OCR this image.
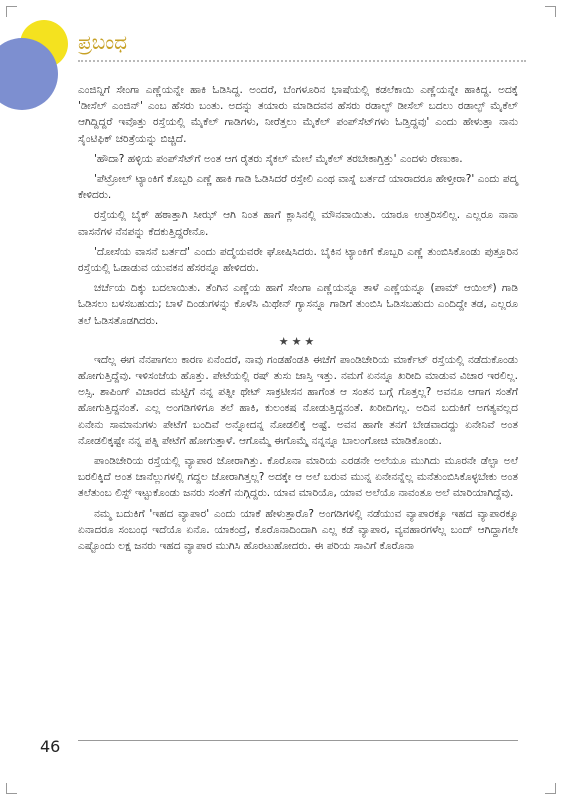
ಪ್ರಬಂಧ

ಎಂಜಿನ್ನಿಗೆ ಸೇಂಗಾ ಎಣ್ಣೆಯನ್ನೇ ಹಾಕಿ ಓಡಿಸಿದ್ದ. ಅಂದರೆ, ಬೆಂಗಳೂರಿನ ಭಾಷೆಯಲ್ಲಿ ಕಡಲೆಕಾಯಿ ಎಣ್ಣೆಯನ್ನೇ ಹಾಕಿದ್ದ. ಅದಕ್ಕೆ 'ಡೀಸೆಲ್ ಎಂಜಿನ್' ಎಂಬ ಹೆಸರು ಬಂತು. ಅದನ್ನು ತಯಾರು ಮಾಡಿದವನ ಹೆಸರು ರಡಾಲ್ಫ್ ಡೀಸೆಲ್ ಬದಲು ರಡಾಲ್ಫ್ ಮೈಕೆಲ್ ಆಗಿದ್ದಿದ್ದರೆ ಇವೊತ್ತು ರಸ್ತೆಯಲ್ಲಿ ಮೈಕೆಲ್ ಗಾಡಿಗಳು, ನೀರೆತ್ತಲು ಮೈಕೆಲ್ ಪಂಪ್‌ಸೆಟ್‌ಗಳು ಓಡ್ತಿದ್ದವು' ಎಂದು ಹೇಳುತ್ತಾ ನಾನು ಸೈಂಟಿಫಿಕ್ ಚರಿತ್ರೆಯನ್ನು ಬಿಚ್ಚಿದೆ.

'ಹೌದಾ? ಹಳ್ಳಿಯ ಪಂಪ್‌ಸೆಟ್‌ಗೆ ಅಂತ ಆಗ ರೈತರು ಸೈಕಲ್ ಮೇಲೆ ಮೈಕೆಲ್ ತರಬೇಕಾಗ್ತಿತ್ತು' ಎಂದಳು ರೇಣುಕಾ.

'ಪೆಟ್ರೋಲ್ ಟ್ಯಾಂಕಿಗೆ ಕೊಬ್ಬರಿ ಎಣ್ಣೆ ಹಾಕಿ ಗಾಡಿ ಓಡಿಸಿದರೆ ರಸ್ತೇಲಿ ಎಂಥ ವಾಸ್ನೆ ಬರ್ತದೆ ಯಾರಾದರೂ ಹೇಳ್ತೀರಾ?' ಎಂದು ಪದ್ಮ ಕೇಳಿದರು.

ರಸ್ತೆಯಲ್ಲಿ ಬೈಕ್ ಹಠಾತ್ತಾಗಿ ಸೀಝ್ ಆಗಿ ನಿಂತ ಹಾಗೆ ಕ್ಲಾಸಿನಲ್ಲಿ ಮೌನವಾಯಿತು. ಯಾರೂ ಉತ್ತರಿಸಲಿಲ್ಲ. ಎಲ್ಲರೂ ನಾನಾ ವಾಸನೆಗಳ ನೆನಪನ್ನು ಕೆದಕುತ್ತಿದ್ದರೇನೊ.

'ದೋಸೆಯ ವಾಸನೆ ಬರ್ತದೆ' ಎಂದು ಪದ್ಮೆಯವರೇ ಘೋಷಿಸಿದರು. ಬೈಕಿನ ಟ್ಯಾಂಕಿಗೆ ಕೊಬ್ಬರಿ ಎಣ್ಣೆ ತುಂಬಿಸಿಕೊಂಡು ಪುತ್ತೂರಿನ ರಸ್ತೆಯಲ್ಲಿ ಓಡಾಡುವ ಯುವಕನ ಹೆಸರನ್ನೂ ಹೇಳಿದರು.

ಚರ್ಚೆಯ ದಿಕ್ಕು ಬದಲಾಯಿತು. ತೆಂಗಿನ ಎಣ್ಣೆಯ ಹಾಗೆ ಸೇಂಗಾ ಎಣ್ಣೆಯನ್ನೂ ತಾಳೆ ಎಣ್ಣೆಯನ್ನೂ (ಪಾಮ್ ಆಯಿಲ್) ಗಾಡಿ ಓಡಿಸಲು ಬಳಸಬಹುದು; ಬಾಳೆ ದಿಂಡುಗಳನ್ನು ಕೊಳೆಸಿ ಮಿಥೇನ್ ಗ್ಯಾಸನ್ನೂ ಗಾಡಿಗೆ ತುಂಬಿಸಿ ಓಡಿಸಬಹುದು ಎಂದಿದ್ದೇ ತಡ, ಎಲ್ಲರೂ ತಲೆ ಓಡಿಸತೊಡಗಿದರು.

★★★

ಇದೆಲ್ಲ ಈಗ ನೆನಪಾಗಲು ಕಾರಣ ಏನೆಂದರೆ, ನಾವು ಗಂಡಹೆಂಡತಿ ಈಚೆಗೆ ಪಾಂಡಿಚೇರಿಯ ಮಾರ್ಕೆಟ್ ರಸ್ತೆಯಲ್ಲಿ ನಡೆದುಕೊಂಡು ಹೋಗುತ್ತಿದ್ದೆವು. ಇಳಿಸಂಜೆಯ ಹೊತ್ತು. ಪೇಟೆಯಲ್ಲಿ ರಷ್ ತುಸು ಜಾಸ್ತಿ ಇತ್ತು. ನಮಗೆ ಏನನ್ನೂ ಖರೀದಿ ಮಾಡುವ ವಿಚಾರ ಇರಲಿಲ್ಲ. ಅಸ್ಸಿ. ಶಾಪಿಂಗ್ ವಿಚಾರದ ಮಟ್ಟಿಗೆ ನನ್ನ ಪತ್ನೀ ಥೇಟ್ ಸಾಕ್ರಟೀಸನ ಹಾಗೆಂತ ಆ ಸಂತನ ಬಗ್ಗೆ ಗೊತ್ತಲ್ಲ? ಅವನೂ ಆಗಾಗ ಸಂತೆಗೆ ಹೋಗುತ್ತಿದ್ದನಂತೆ. ಎಲ್ಲ ಅಂಗಡಿಗಳಿಗೂ ತಲೆ ಹಾಕಿ, ಕುಲಂಕಷ ನೋಡುತ್ತಿದ್ದನಂತೆ. ಖರೀದಿಗಲ್ಲ. ಅದಿನ ಬದುಕಿಗೆ ಅಗತ್ಯವಲ್ಲದ ಏನೇನು ಸಾಮಾನುಗಳು ಪೇಟೆಗೆ ಬಂದಿವೆ ಅನ್ನೋದನ್ನ ನೋಡಲಿಕ್ಕೆ ಅಷ್ಟೆ. ಅವನ ಹಾಗೇ ತನಗೆ ಬೇಡವಾದದ್ದು ಏನೇನಿವೆ ಅಂತ ನೋಡಲಿಕ್ಕಷ್ಟೇ ನನ್ನ ಪತ್ನಿ ಪೇಟೆಗೆ ಹೋಗುತ್ತಾಳೆ. ಆಗೊಮ್ಮೆ ಈಗೊಮ್ಮೆ ನನ್ನನ್ನೂ ಬಾಲಂಗೋಚಿ ಮಾಡಿಕೊಂಡು.

ಪಾಂಡಿಚೇರಿಯ ರಸ್ತೆಯಲ್ಲಿ ವ್ಯಾಪಾರ ಜೋರಾಗಿತ್ತು. ಕೊರೊನಾ ಮಾರಿಯ ಎರಡನೇ ಅಲೆಯೂ ಮುಗಿದು ಮೂರನೇ ಡೆಲ್ಟಾ ಅಲೆ ಬರಲಿಕ್ಕಿದೆ ಅಂತ ಚಾನೆಲ್ಲುಗಳಲ್ಲಿ ಗದ್ದಲ ಜೋರಾಗಿತ್ತಲ್ಲ? ಅದಕ್ಕೇ ಆ ಅಲೆ ಬರುವ ಮುನ್ನ ಏನೇನನ್ನೆಲ್ಲ ಮನೆತುಂಬಿಸಿಕೊಳ್ಳಬೇಕು ಅಂತ ತಲೆತುಂಬ ಲಿಸ್ಟ್ ಇಟ್ಟುಕೊಂಡು ಜನರು ಸಂತೆಗೆ ನುಗ್ಗಿದ್ದರು. ಯಾವ ಮಾರಿಯೊ, ಯಾವ ಅಲೆಯೊ ನಾವಂತೂ ಅಲೆ ಮಾರಿಯಾಗಿದ್ದೆವು.

ನಮ್ಮ ಬದುಕಿಗೆ 'ಇಹದ ವ್ಯಾಪಾರ' ಎಂದು ಯಾಕೆ ಹೇಳುತ್ತಾರೊ? ಅಂಗಡಿಗಳಲ್ಲಿ ನಡೆಯುವ ವ್ಯಾಪಾರಕ್ಕೂ ಇಹದ ವ್ಯಾಪಾರಕ್ಕೂ ಏನಾದರೂ ಸಂಬಂಧ ಇದೆಯೊ ಏನೊ. ಯಾಕಂದ್ರೆ, ಕೊರೊನಾದಿಂದಾಗಿ ಎಲ್ಲ ಕಡೆ ವ್ಯಾಪಾರ, ವ್ಯವಹಾರಗಳೆಲ್ಲ ಬಂದ್ ಆಗಿದ್ದಾಗಲೇ ಎಷ್ಟೊಂದು ಲಕ್ಷ ಜನರು ಇಹದ ವ್ಯಾಪಾರ ಮುಗಿಸಿ ಹೊರಟುಹೋದರು. ಈ ಪರಿಯ ಸಾವಿಗೆ ಕೊರೊನಾ

46
